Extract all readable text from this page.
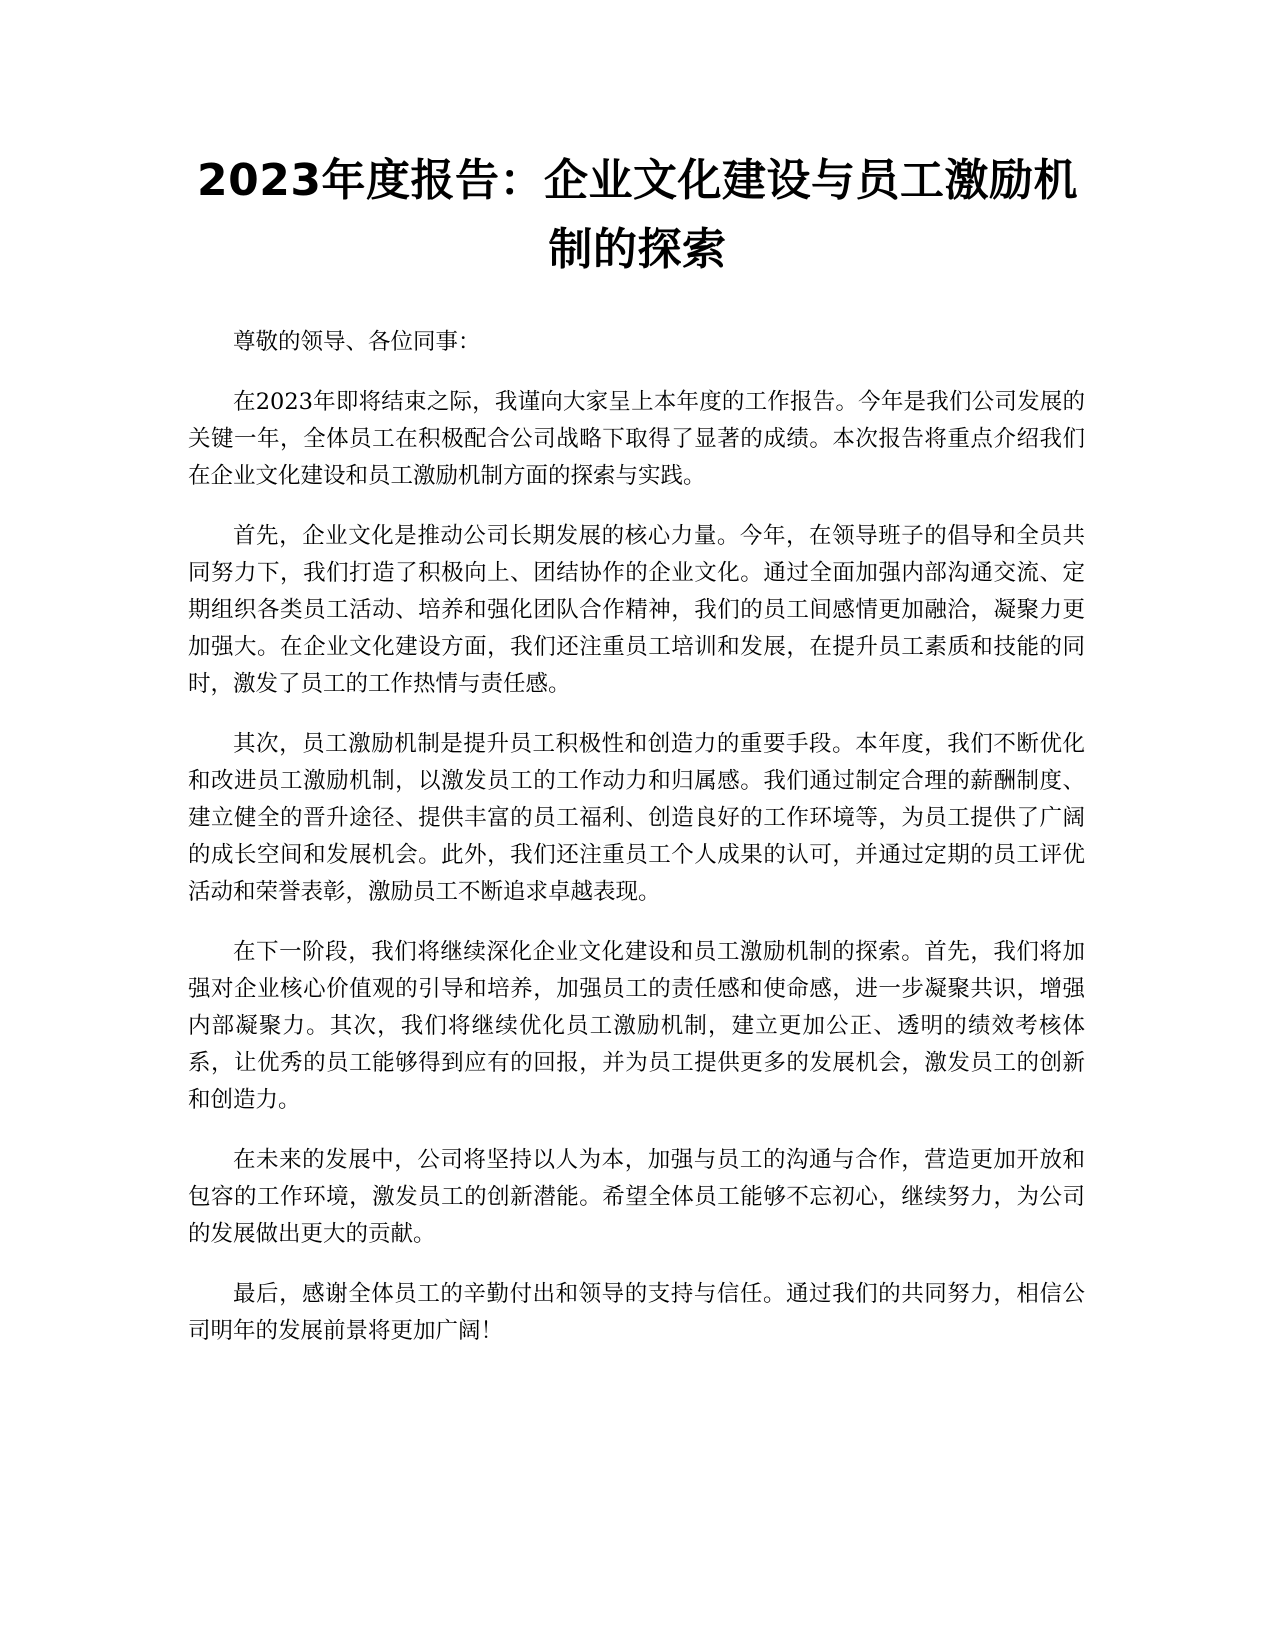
2023年度报告：企业文化建设与员工激励机
制的探索

尊敬的领导、各位同事：

在2023年即将结束之际，我谨向大家呈上本年度的工作报告。今年是我们公司发展的关键一年，全体员工在积极配合公司战略下取得了显著的成绩。本次报告将重点介绍我们在企业文化建设和员工激励机制方面的探索与实践。

首先，企业文化是推动公司长期发展的核心力量。今年，在领导班子的倡导和全员共同努力下，我们打造了积极向上、团结协作的企业文化。通过全面加强内部沟通交流、定期组织各类员工活动、培养和强化团队合作精神，我们的员工间感情更加融洽，凝聚力更加强大。在企业文化建设方面，我们还注重员工培训和发展，在提升员工素质和技能的同时，激发了员工的工作热情与责任感。

其次，员工激励机制是提升员工积极性和创造力的重要手段。本年度，我们不断优化和改进员工激励机制，以激发员工的工作动力和归属感。我们通过制定合理的薪酬制度、建立健全的晋升途径、提供丰富的员工福利、创造良好的工作环境等，为员工提供了广阔的成长空间和发展机会。此外，我们还注重员工个人成果的认可，并通过定期的员工评优活动和荣誉表彰，激励员工不断追求卓越表现。

在下一阶段，我们将继续深化企业文化建设和员工激励机制的探索。首先，我们将加强对企业核心价值观的引导和培养，加强员工的责任感和使命感，进一步凝聚共识，增强内部凝聚力。其次，我们将继续优化员工激励机制，建立更加公正、透明的绩效考核体系，让优秀的员工能够得到应有的回报，并为员工提供更多的发展机会，激发员工的创新和创造力。

在未来的发展中，公司将坚持以人为本，加强与员工的沟通与合作，营造更加开放和包容的工作环境，激发员工的创新潜能。希望全体员工能够不忘初心，继续努力，为公司的发展做出更大的贡献。

最后，感谢全体员工的辛勤付出和领导的支持与信任。通过我们的共同努力，相信公司明年的发展前景将更加广阔！
